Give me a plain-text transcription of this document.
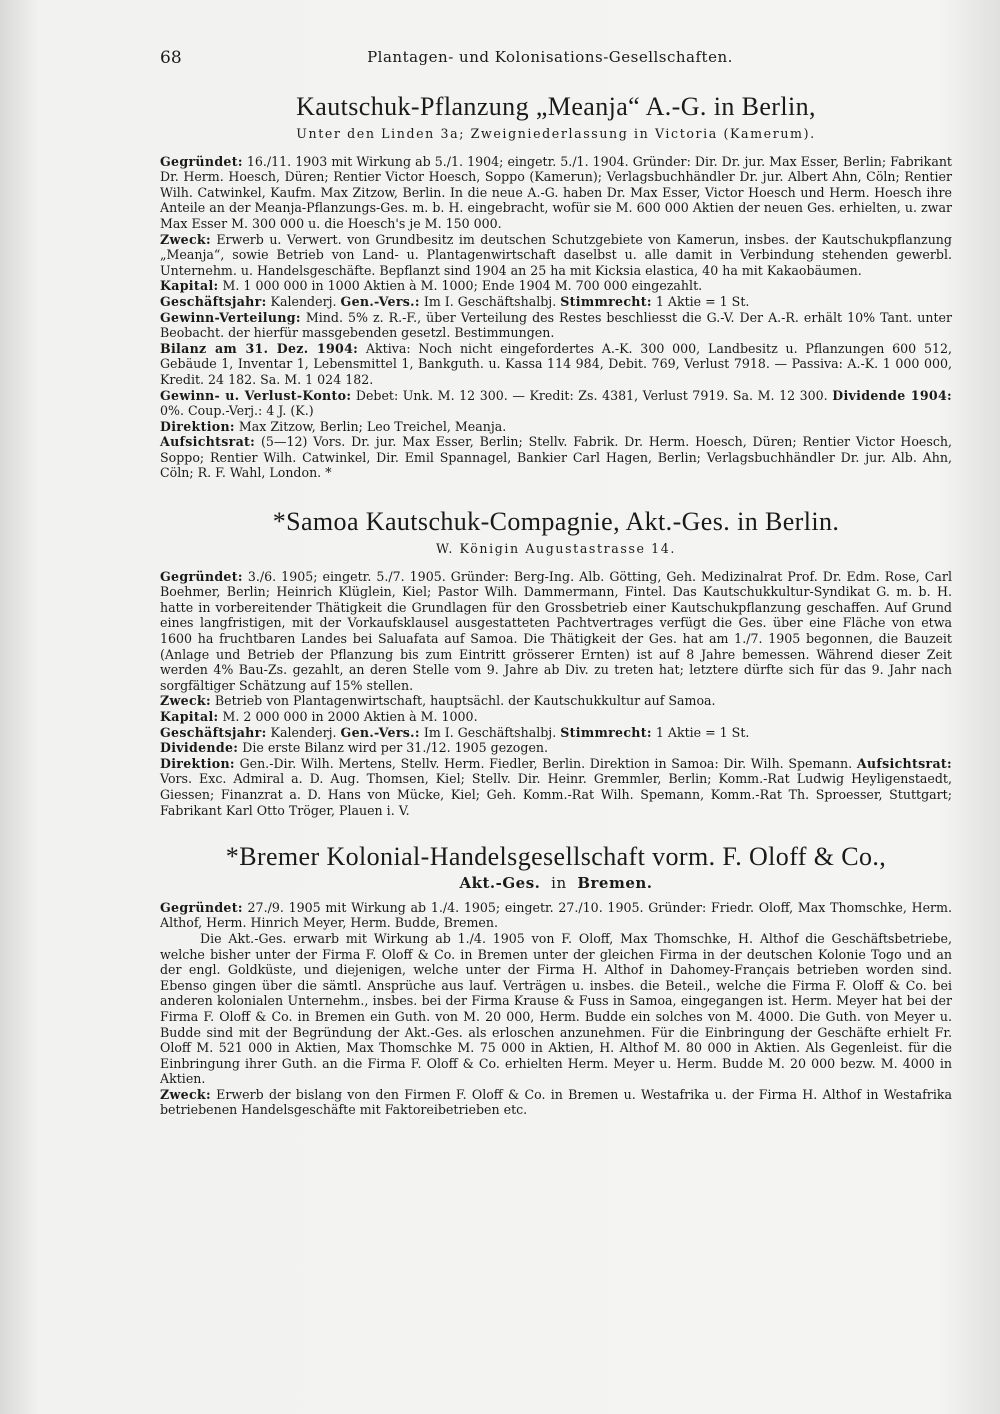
68	Plantagen- und Kolonisations-Gesellschaften.
Kautschuk-Pflanzung „Meanja“ A.-G. in Berlin,
Unter den Linden 3a; Zweigniederlassung in Victoria (Kamerum).

Gegründet: 16./11. 1903 mit Wirkung ab 5./1. 1904; eingetr. 5./1. 1904. Gründer: Dir. Dr. jur. Max Esser, Berlin; Fabrikant Dr. Herm. Hoesch, Düren; Rentier Victor Hoesch, Soppo (Kamerun); Verlagsbuchhändler Dr. jur. Albert Ahn, Cöln; Rentier Wilh. Catwinkel, Kaufm. Max Zitzow, Berlin. In die neue A.-G. haben Dr. Max Esser, Victor Hoesch und Herm. Hoesch ihre Anteile an der Meanja-Pflanzungs-Ges. m. b. H. eingebracht, wofür sie M. 600 000 Aktien der neuen Ges. erhielten, u. zwar Max Esser M. 300 000 u. die Hoesch's je M. 150 000.

Zweck: Erwerb u. Verwert. von Grundbesitz im deutschen Schutzgebiete von Kamerun, insbes. der Kautschukpflanzung „Meanja“, sowie Betrieb von Land- u. Plantagenwirtschaft daselbst u. alle damit in Verbindung stehenden gewerbl. Unternehm. u. Handelsgeschäfte. Bepflanzt sind 1904 an 25 ha mit Kicksia elastica, 40 ha mit Kakaobäumen.

Kapital: M. 1 000 000 in 1000 Aktien à M. 1000; Ende 1904 M. 700 000 eingezahlt.

Geschäftsjahr: Kalenderj. Gen.-Vers.: Im I. Geschäftshalbj. Stimmrecht: 1 Aktie = 1 St.

Gewinn-Verteilung: Mind. 5% z. R.-F., über Verteilung des Restes beschliesst die G.-V. Der A.-R. erhält 10% Tant. unter Beobacht. der hierfür massgebenden gesetzl. Bestimmungen.

Bilanz am 31. Dez. 1904: Aktiva: Noch nicht eingefordertes A.-K. 300 000, Landbesitz u. Pflanzungen 600 512, Gebäude 1, Inventar 1, Lebensmittel 1, Bankguth. u. Kassa 114 984, Debit. 769, Verlust 7918. — Passiva: A.-K. 1 000 000, Kredit. 24 182. Sa. M. 1 024 182.

Gewinn- u. Verlust-Konto: Debet: Unk. M. 12 300. — Kredit: Zs. 4381, Verlust 7919. Sa. M. 12 300. Dividende 1904: 0%. Coup.-Verj.: 4 J. (K.)

Direktion: Max Zitzow, Berlin; Leo Treichel, Meanja.

Aufsichtsrat: (5—12) Vors. Dr. jur. Max Esser, Berlin; Stellv. Fabrik. Dr. Herm. Hoesch, Düren; Rentier Victor Hoesch, Soppo; Rentier Wilh. Catwinkel, Dir. Emil Spannagel, Bankier Carl Hagen, Berlin; Verlagsbuchhändler Dr. jur. Alb. Ahn, Cöln; R. F. Wahl, London. *

*Samoa Kautschuk-Compagnie, Akt.-Ges. in Berlin.
W. Königin Augustastrasse 14.

Gegründet: 3./6. 1905; eingetr. 5./7. 1905. Gründer: Berg-Ing. Alb. Götting, Geh. Medizinalrat Prof. Dr. Edm. Rose, Carl Boehmer, Berlin; Heinrich Klüglein, Kiel; Pastor Wilh. Dammermann, Fintel. Das Kautschukkultur-Syndikat G. m. b. H. hatte in vorbereitender Thätigkeit die Grundlagen für den Grossbetrieb einer Kautschukpflanzung geschaffen. Auf Grund eines langfristigen, mit der Vorkaufsklausel ausgestatteten Pachtvertrages verfügt die Ges. über eine Fläche von etwa 1600 ha fruchtbaren Landes bei Saluafata auf Samoa. Die Thätigkeit der Ges. hat am 1./7. 1905 begonnen, die Bauzeit (Anlage und Betrieb der Pflanzung bis zum Eintritt grösserer Ernten) ist auf 8 Jahre bemessen. Während dieser Zeit werden 4% Bau-Zs. gezahlt, an deren Stelle vom 9. Jahre ab Div. zu treten hat; letztere dürfte sich für das 9. Jahr nach sorgfältiger Schätzung auf 15% stellen.

Zweck: Betrieb von Plantagenwirtschaft, hauptsächl. der Kautschukkultur auf Samoa.

Kapital: M. 2 000 000 in 2000 Aktien à M. 1000.

Geschäftsjahr: Kalenderj. Gen.-Vers.: Im I. Geschäftshalbj. Stimmrecht: 1 Aktie = 1 St.

Dividende: Die erste Bilanz wird per 31./12. 1905 gezogen.

Direktion: Gen.-Dir. Wilh. Mertens, Stellv. Herm. Fiedler, Berlin. Direktion in Samoa: Dir. Wilh. Spemann. Aufsichtsrat: Vors. Exc. Admiral a. D. Aug. Thomsen, Kiel; Stellv. Dir. Heinr. Gremmler, Berlin; Komm.-Rat Ludwig Heyligenstaedt, Giessen; Finanzrat a. D. Hans von Mücke, Kiel; Geh. Komm.-Rat Wilh. Spemann, Komm.-Rat Th. Sproesser, Stuttgart; Fabrikant Karl Otto Tröger, Plauen i. V.

*Bremer Kolonial-Handelsgesellschaft vorm. F. Oloff & Co.,
Akt.-Ges. in Bremen.

Gegründet: 27./9. 1905 mit Wirkung ab 1./4. 1905; eingetr. 27./10. 1905. Gründer: Friedr. Oloff, Max Thomschke, Herm. Althof, Herm. Hinrich Meyer, Herm. Budde, Bremen.

Die Akt.-Ges. erwarb mit Wirkung ab 1./4. 1905 von F. Oloff, Max Thomschke, H. Althof die Geschäftsbetriebe, welche bisher unter der Firma F. Oloff & Co. in Bremen unter der gleichen Firma in der deutschen Kolonie Togo und an der engl. Goldküste, und diejenigen, welche unter der Firma H. Althof in Dahomey-Français betrieben worden sind. Ebenso gingen über die sämtl. Ansprüche aus lauf. Verträgen u. insbes. die Beteil., welche die Firma F. Oloff & Co. bei anderen kolonialen Unternehm., insbes. bei der Firma Krause & Fuss in Samoa, eingegangen ist. Herm. Meyer hat bei der Firma F. Oloff & Co. in Bremen ein Guth. von M. 20 000, Herm. Budde ein solches von M. 4000. Die Guth. von Meyer u. Budde sind mit der Begründung der Akt.-Ges. als erloschen anzunehmen. Für die Einbringung der Geschäfte erhielt Fr. Oloff M. 521 000 in Aktien, Max Thomschke M. 75 000 in Aktien, H. Althof M. 80 000 in Aktien. Als Gegenleist. für die Einbringung ihrer Guth. an die Firma F. Oloff & Co. erhielten Herm. Meyer u. Herm. Budde M. 20 000 bezw. M. 4000 in Aktien.

Zweck: Erwerb der bislang von den Firmen F. Oloff & Co. in Bremen u. Westafrika u. der Firma H. Althof in Westafrika betriebenen Handelsgeschäfte mit Faktoreibetrieben etc.
